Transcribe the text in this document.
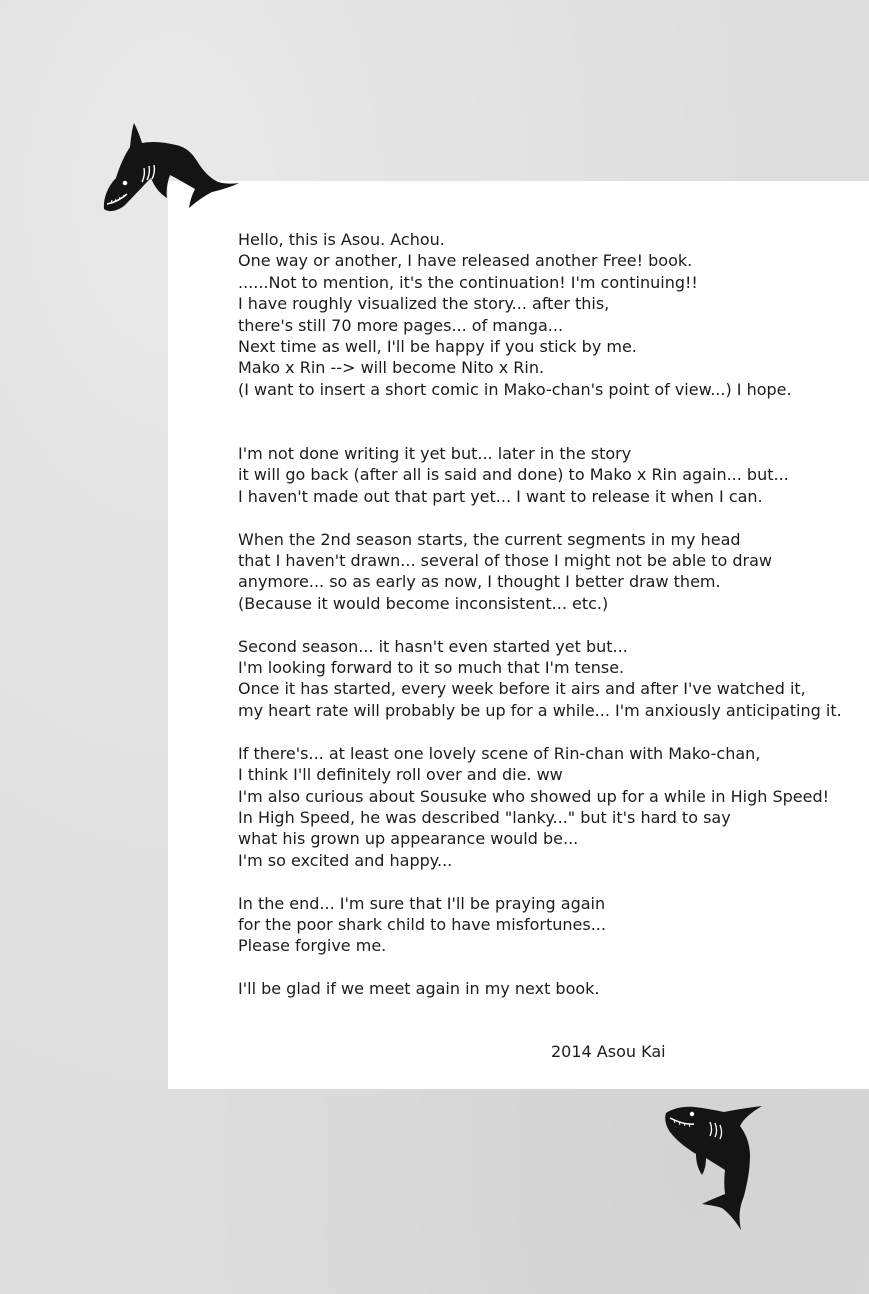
Hello, this is Asou. Achou.
One way or another, I have released another Free! book.
......Not to mention, it's the continuation! I'm continuing!!
I have roughly visualized the story... after this,
there's still 70 more pages... of manga...
Next time as well, I'll be happy if you stick by me.
Mako x Rin --> will become Nito x Rin.
(I want to insert a short comic in Mako-chan's point of view...) I hope.
I'm not done writing it yet but... later in the story
it will go back (after all is said and done) to Mako x Rin again... but...
I haven't made out that part yet... I want to release it when I can.
When the 2nd season starts, the current segments in my head
that I haven't drawn... several of those I might not be able to draw
anymore... so as early as now, I thought I better draw them.
(Because it would become inconsistent... etc.)
Second season... it hasn't even started yet but...
I'm looking forward to it so much that I'm tense.
Once it has started, every week before it airs and after I've watched it,
my heart rate will probably be up for a while... I'm anxiously anticipating it.
If there's... at least one lovely scene of Rin-chan with Mako-chan,
I think I'll definitely roll over and die. ww
I'm also curious about Sousuke who showed up for a while in High Speed!
In High Speed, he was described "lanky..." but it's hard to say
what his grown up appearance would be...
I'm so excited and happy...
In the end... I'm sure that I'll be praying again
for the poor shark child to have misfortunes...
Please forgive me.
I'll be glad if we meet again in my next book.
2014 Asou Kai
